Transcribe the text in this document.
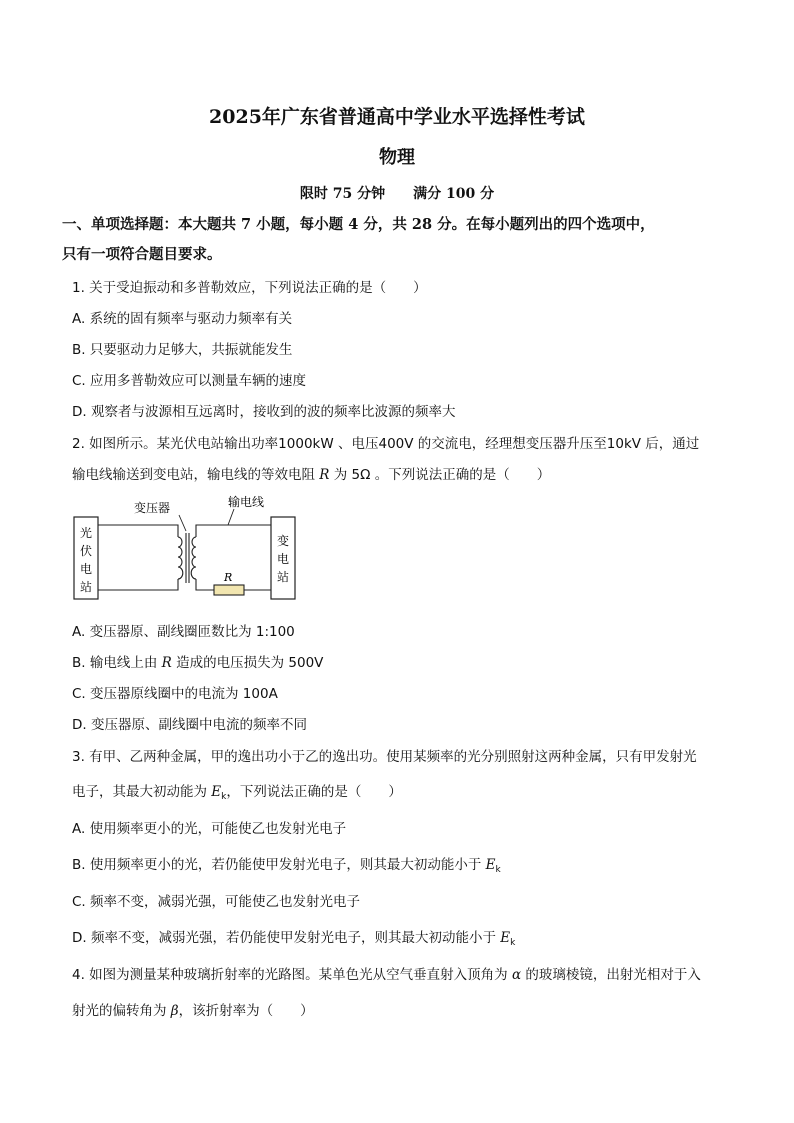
2025年广东省普通高中学业水平选择性考试
物理
限时 75 分钟 满分 100 分
一、单项选择题：本大题共 7 小题，每小题 4 分，共 28 分。在每小题列出的四个选项中，
只有一项符合题目要求。
1. 关于受迫振动和多普勒效应，下列说法正确的是（　　）
A. 系统的固有频率与驱动力频率有关
B. 只要驱动力足够大，共振就能发生
C. 应用多普勒效应可以测量车辆的速度
D. 观察者与波源相互远离时，接收到的波的频率比波源的频率大
2. 如图所示。某光伏电站输出功率1000kW 、电压400V 的交流电，经理想变压器升压至10kV 后，通过
输电线输送到变电站，输电线的等效电阻 R 为 5Ω 。下列说法正确的是（　　）
变压器	输电线
R
光
伏
电
站
变
电
站
A. 变压器原、副线圈匝数比为 1:100
B. 输电线上由 R 造成的电压损失为 500V
C. 变压器原线圈中的电流为 100A
D. 变压器原、副线圈中电流的频率不同
3. 有甲、乙两种金属，甲的逸出功小于乙的逸出功。使用某频率的光分别照射这两种金属，只有甲发射光
电子，其最大初动能为 $E_k$，下列说法正确的是（　　）
A. 使用频率更小的光，可能使乙也发射光电子
B. 使用频率更小的光，若仍能使甲发射光电子，则其最大初动能小于 $E_k$
C. 频率不变，减弱光强，可能使乙也发射光电子
D. 频率不变，减弱光强，若仍能使甲发射光电子，则其最大初动能小于 $E_k$
4. 如图为测量某种玻璃折射率的光路图。某单色光从空气垂直射入顶角为 α 的玻璃棱镜，出射光相对于入
射光的偏转角为 β，该折射率为（　　）
